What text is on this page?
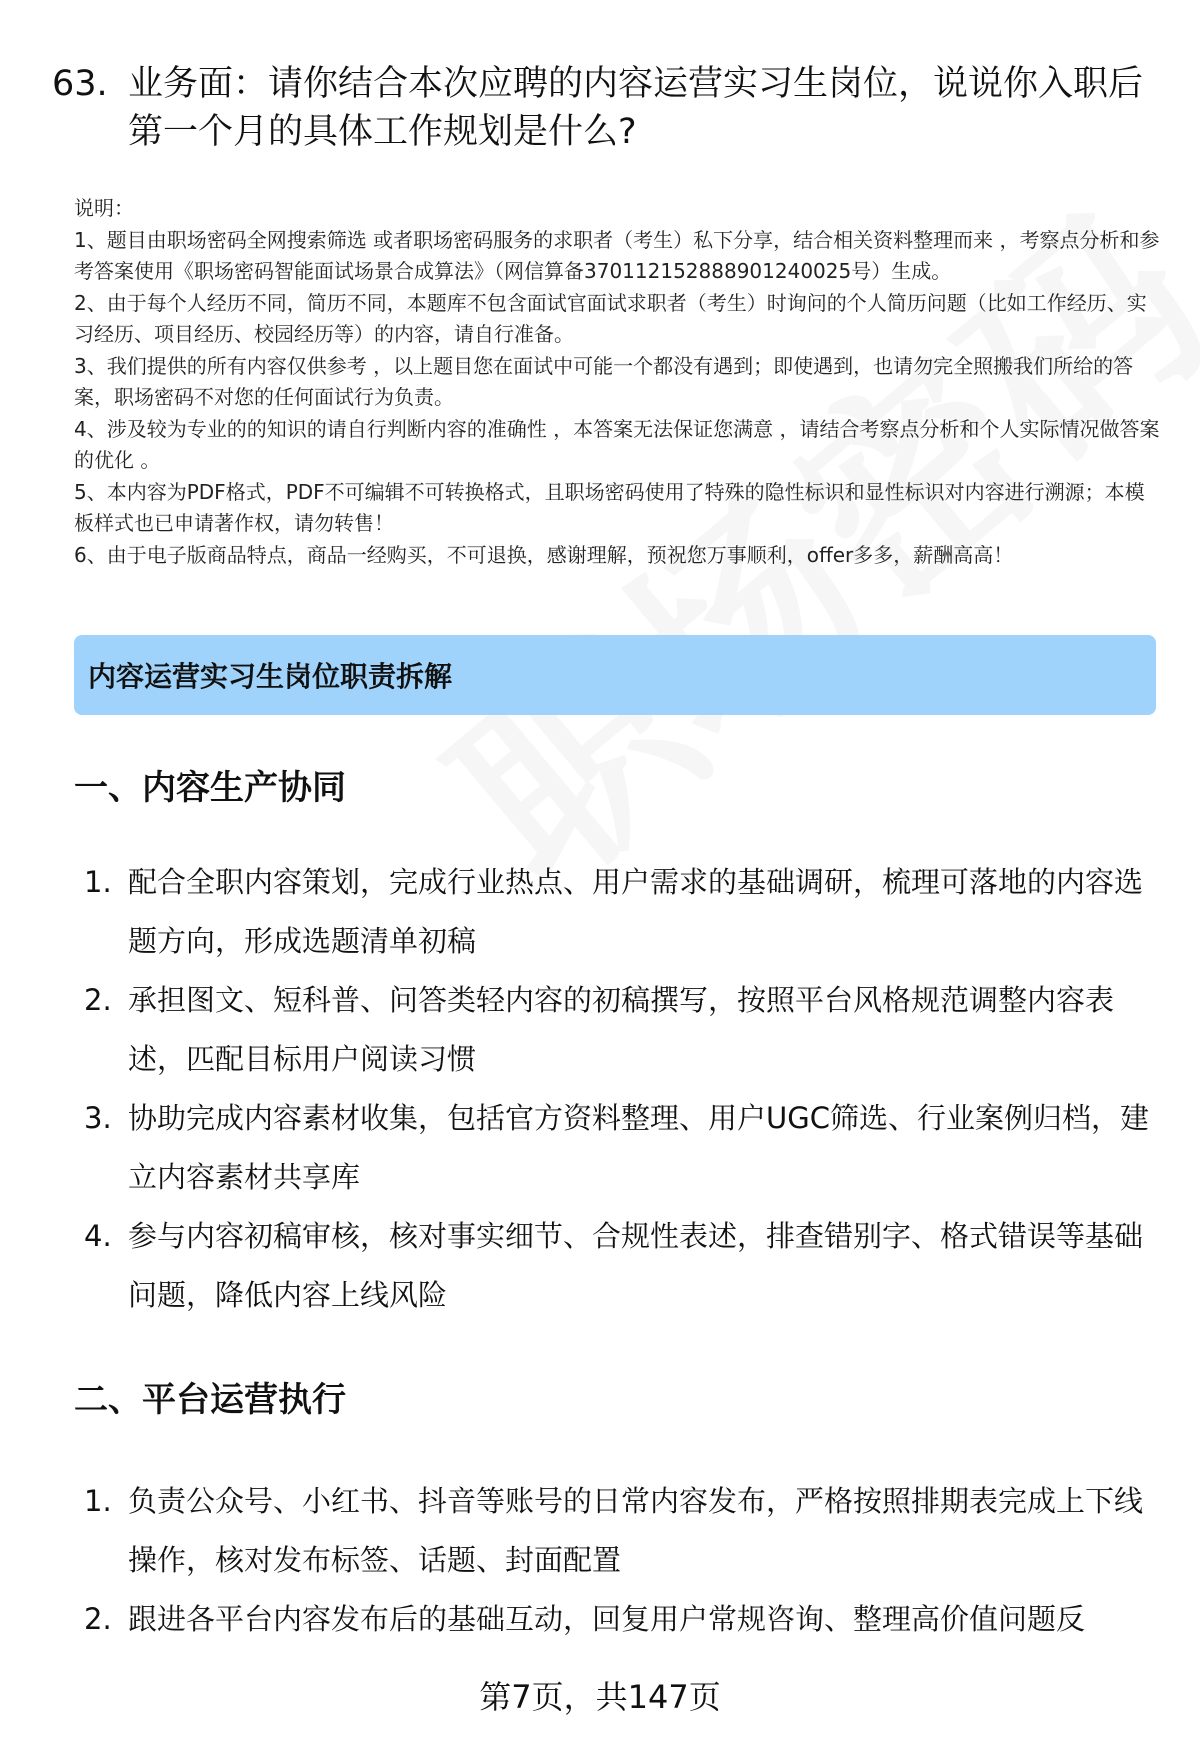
63. 业务面：请你结合本次应聘的内容运营实习生岗位，说说你入职后第一个月的具体工作规划是什么?

说明：

1、题目由职场密码全网搜索筛选 或者职场密码服务的求职者（考生）私下分享，结合相关资料整理而来 ，考察点分析和参考答案使用《职场密码智能面试场景合成算法》（网信算备370112152888901240025号）生成。

2、由于每个人经历不同，简历不同，本题库不包含面试官面试求职者（考生）时询问的个人简历问题（比如工作经历、实习经历、项目经历、校园经历等）的内容，请自行准备。

3、我们提供的所有内容仅供参考 ，以上题目您在面试中可能一个都没有遇到；即使遇到，也请勿完全照搬我们所给的答案，职场密码不对您的任何面试行为负责。

4、涉及较为专业的的知识的请自行判断内容的准确性 ，本答案无法保证您满意 ，请结合考察点分析和个人实际情况做答案的优化 。

5、本内容为PDF格式，PDF不可编辑不可转换格式，且职场密码使用了特殊的隐性标识和显性标识对内容进行溯源；本模板样式也已申请著作权，请勿转售！

6、由于电子版商品特点，商品一经购买，不可退换，感谢理解，预祝您万事顺利，offer多多，薪酬高高！

内容运营实习生岗位职责拆解
一、内容生产协同
1. 配合全职内容策划，完成行业热点、用户需求的基础调研，梳理可落地的内容选题方向，形成选题清单初稿
2. 承担图文、短科普、问答类轻内容的初稿撰写，按照平台风格规范调整内容表述，匹配目标用户阅读习惯
3. 协助完成内容素材收集，包括官方资料整理、用户UGC筛选、行业案例归档，建立内容素材共享库
4. 参与内容初稿审核，核对事实细节、合规性表述，排查错别字、格式错误等基础问题，降低内容上线风险
二、平台运营执行
1. 负责公众号、小红书、抖音等账号的日常内容发布，严格按照排期表完成上下线操作，核对发布标签、话题、封面配置
2. 跟进各平台内容发布后的基础互动，回复用户常规咨询、整理高价值问题反
第7页，共147页
